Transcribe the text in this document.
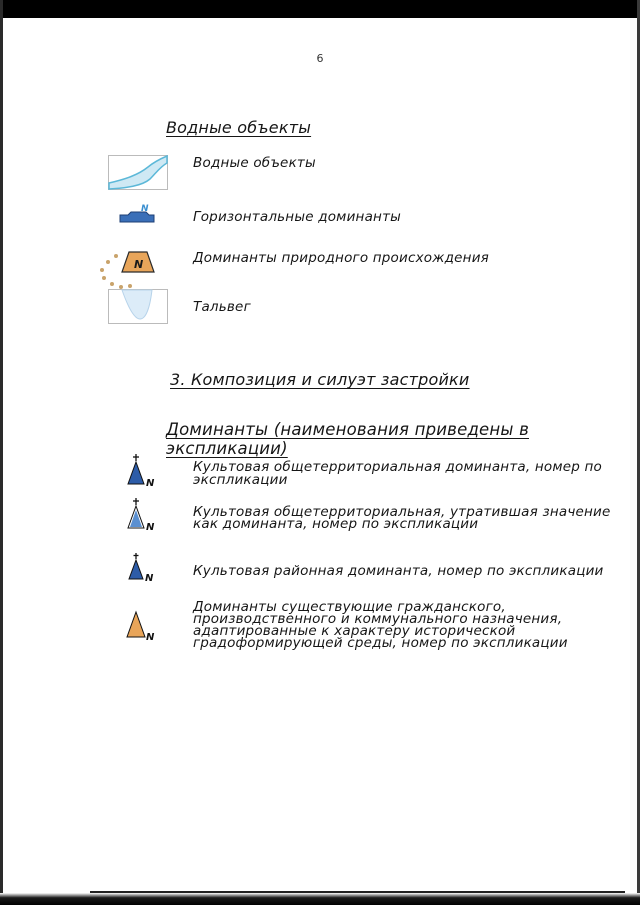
6
Водные объекты
Водные объекты
N	Горизонтальные доминанты
N	Доминанты природного происхождения
Тальвег
3. Композиция и силуэт застройки
Доминанты (наименования приведены в экспликации)
N
Культовая общетерриториальная доминанта, номер по
экспликации
N
Культовая общетерриториальная, утратившая значение
как доминанта, номер по экспликации
N	Культовая районная доминанта, номер по экспликации
N
Доминанты существующие гражданского,
производственного и коммунального назначения,
адаптированные к характеру исторической
градоформирующей среды, номер по экспликации
